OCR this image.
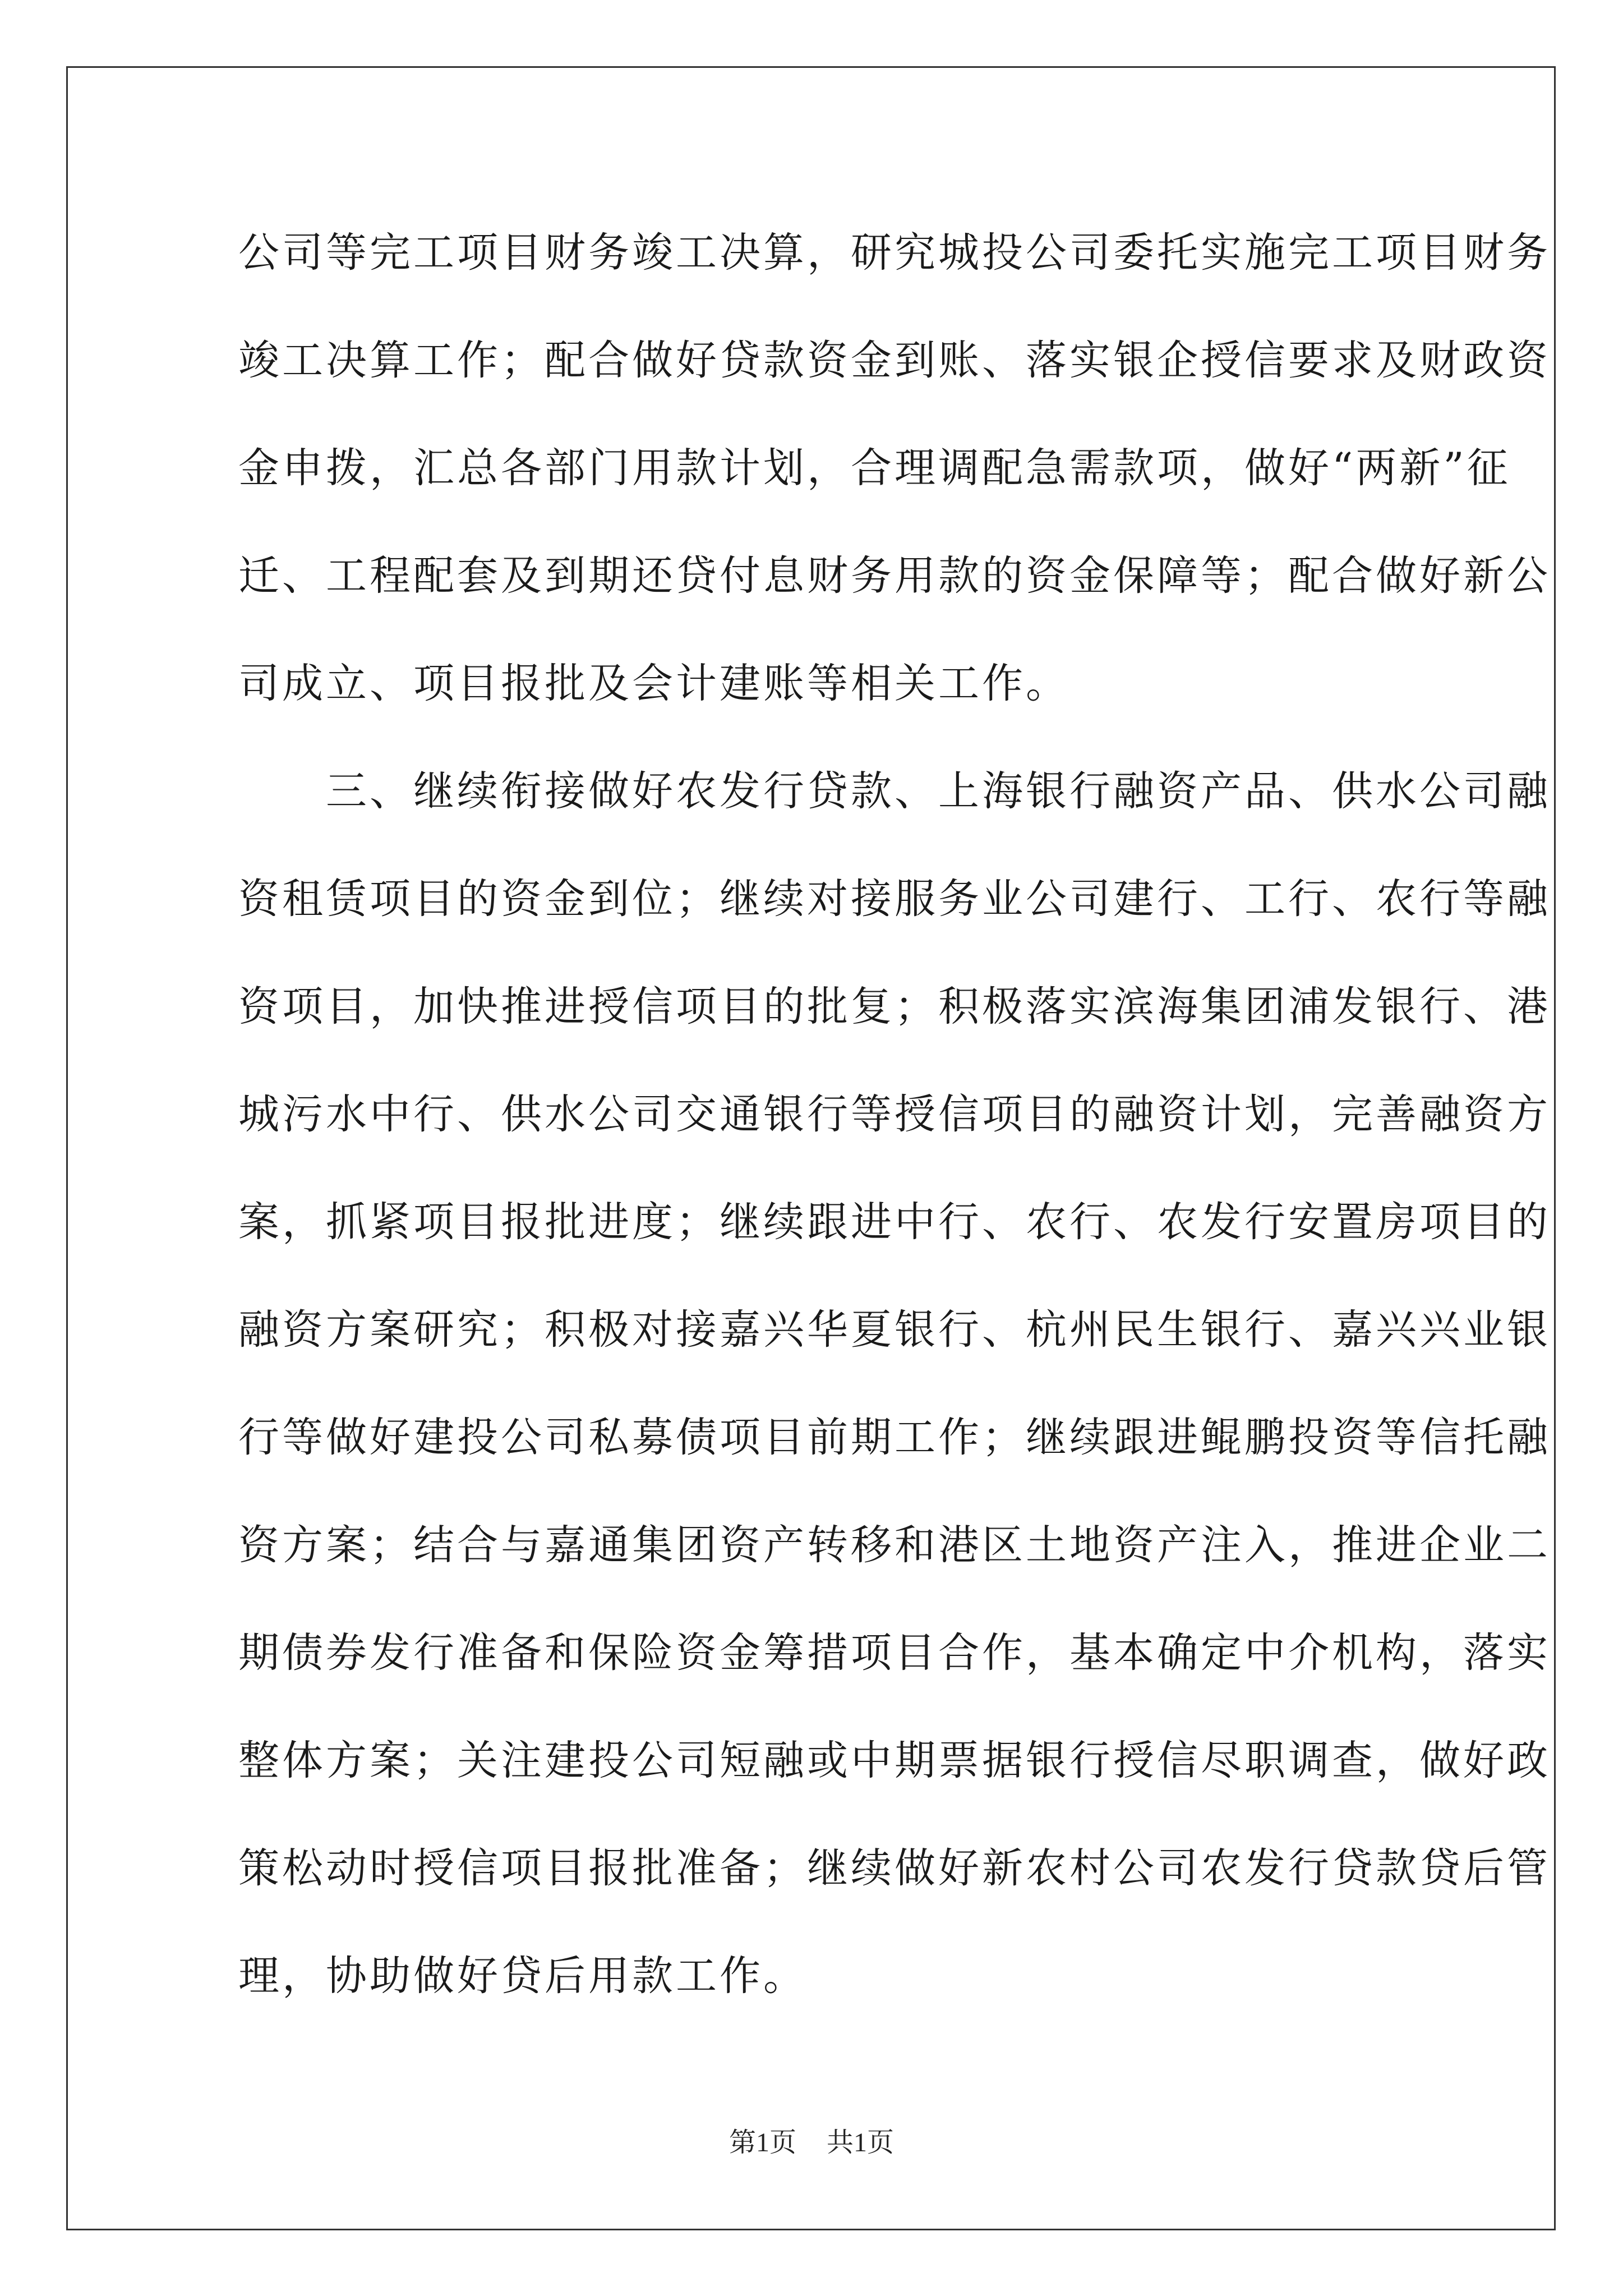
公司等完工项目财务竣工决算，研究城投公司委托实施完工项目财务
竣工决算工作；配合做好贷款资金到账、落实银企授信要求及财政资
金申拨，汇总各部门用款计划，合理调配急需款项，做好“两新”征
迁、工程配套及到期还贷付息财务用款的资金保障等；配合做好新公
司成立、项目报批及会计建账等相关工作。

三、继续衔接做好农发行贷款、上海银行融资产品、供水公司融
资租赁项目的资金到位；继续对接服务业公司建行、工行、农行等融
资项目，加快推进授信项目的批复；积极落实滨海集团浦发银行、港
城污水中行、供水公司交通银行等授信项目的融资计划，完善融资方
案，抓紧项目报批进度；继续跟进中行、农行、农发行安置房项目的
融资方案研究；积极对接嘉兴华夏银行、杭州民生银行、嘉兴兴业银
行等做好建投公司私募债项目前期工作；继续跟进鲲鹏投资等信托融
资方案；结合与嘉通集团资产转移和港区土地资产注入，推进企业二
期债券发行准备和保险资金筹措项目合作，基本确定中介机构，落实
整体方案；关注建投公司短融或中期票据银行授信尽职调查，做好政
策松动时授信项目报批准备；继续做好新农村公司农发行贷款贷后管
理，协助做好贷后用款工作。

第1页 共1页
